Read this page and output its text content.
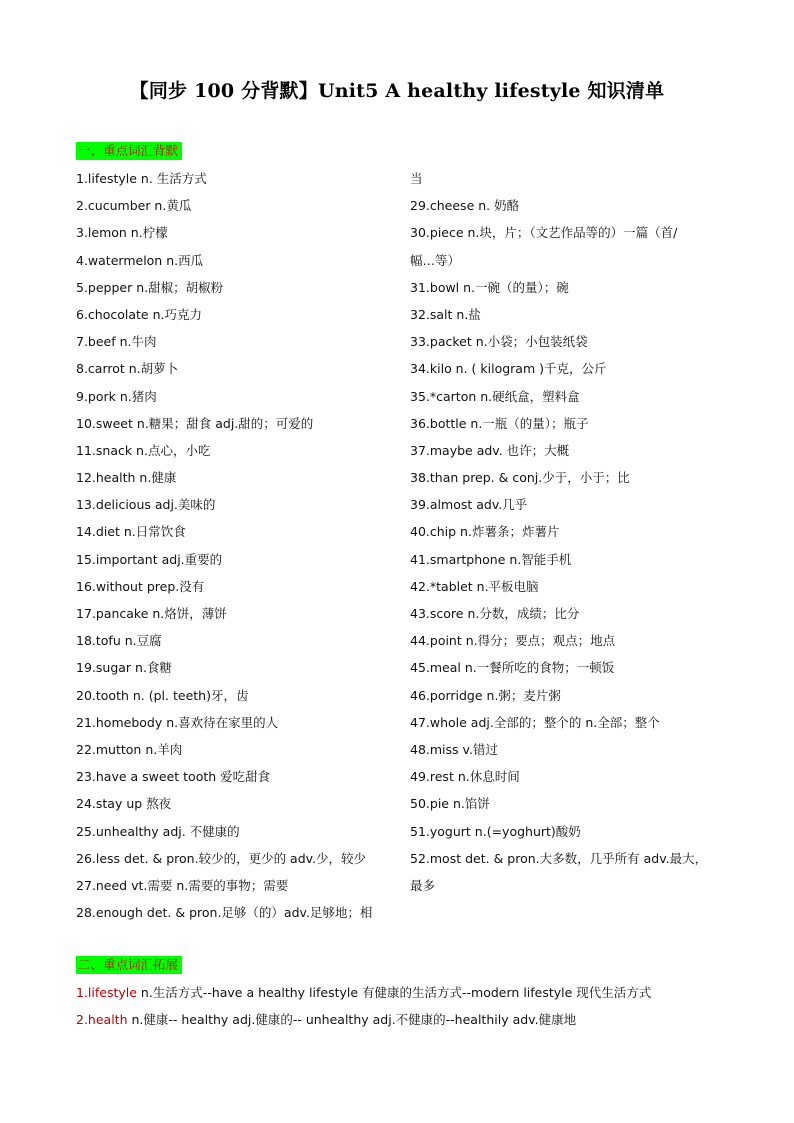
【同步 100 分背默】Unit5 A healthy lifestyle 知识清单
一、重点词汇背默
1.lifestyle n. 生活方式
2.cucumber n.黄瓜
3.lemon n.柠檬
4.watermelon n.西瓜
5.pepper n.甜椒；胡椒粉
6.chocolate n.巧克力
7.beef n.牛肉
8.carrot n.胡萝卜
9.pork n.猪肉
10.sweet n.糖果；甜食 adj.甜的；可爱的
11.snack n.点心，小吃
12.health n.健康
13.delicious adj.美味的
14.diet n.日常饮食
15.important adj.重要的
16.without prep.没有
17.pancake n.烙饼，薄饼
18.tofu n.豆腐
19.sugar n.食糖
20.tooth n. (pl. teeth)牙，齿
21.homebody n.喜欢待在家里的人
22.mutton n.羊肉
23.have a sweet tooth 爱吃甜食
24.stay up 熬夜
25.unhealthy adj. 不健康的
26.less det. & pron.较少的，更少的 adv.少，较少
27.need vt.需要 n.需要的事物；需要
28.enough det. & pron.足够（的）adv.足够地；相
当
29.cheese n. 奶酪
30.piece n.块，片；（文艺作品等的）一篇（首/
幅…等）
31.bowl n.一碗（的量）；碗
32.salt n.盐
33.packet n.小袋；小包装纸袋
34.kilo n. ( kilogram )千克，公斤
35.*carton n.硬纸盒，塑料盒
36.bottle n.一瓶（的量）；瓶子
37.maybe adv. 也许；大概
38.than prep. & conj.少于，小于；比
39.almost adv.几乎
40.chip n.炸薯条；炸薯片
41.smartphone n.智能手机
42.*tablet n.平板电脑
43.score n.分数，成绩；比分
44.point n.得分；要点；观点；地点
45.meal n.一餐所吃的食物；一顿饭
46.porridge n.粥；麦片粥
47.whole adj.全部的；整个的 n.全部；整个
48.miss v.错过
49.rest n.休息时间
50.pie n.馅饼
51.yogurt n.(=yoghurt)酸奶
52.most det. & pron.大多数，几乎所有 adv.最大，
最多
二、重点词汇拓展
1.lifestyle n.生活方式--have a healthy lifestyle 有健康的生活方式--modern lifestyle 现代生活方式
2.health n.健康-- healthy adj.健康的-- unhealthy adj.不健康的--healthily adv.健康地
